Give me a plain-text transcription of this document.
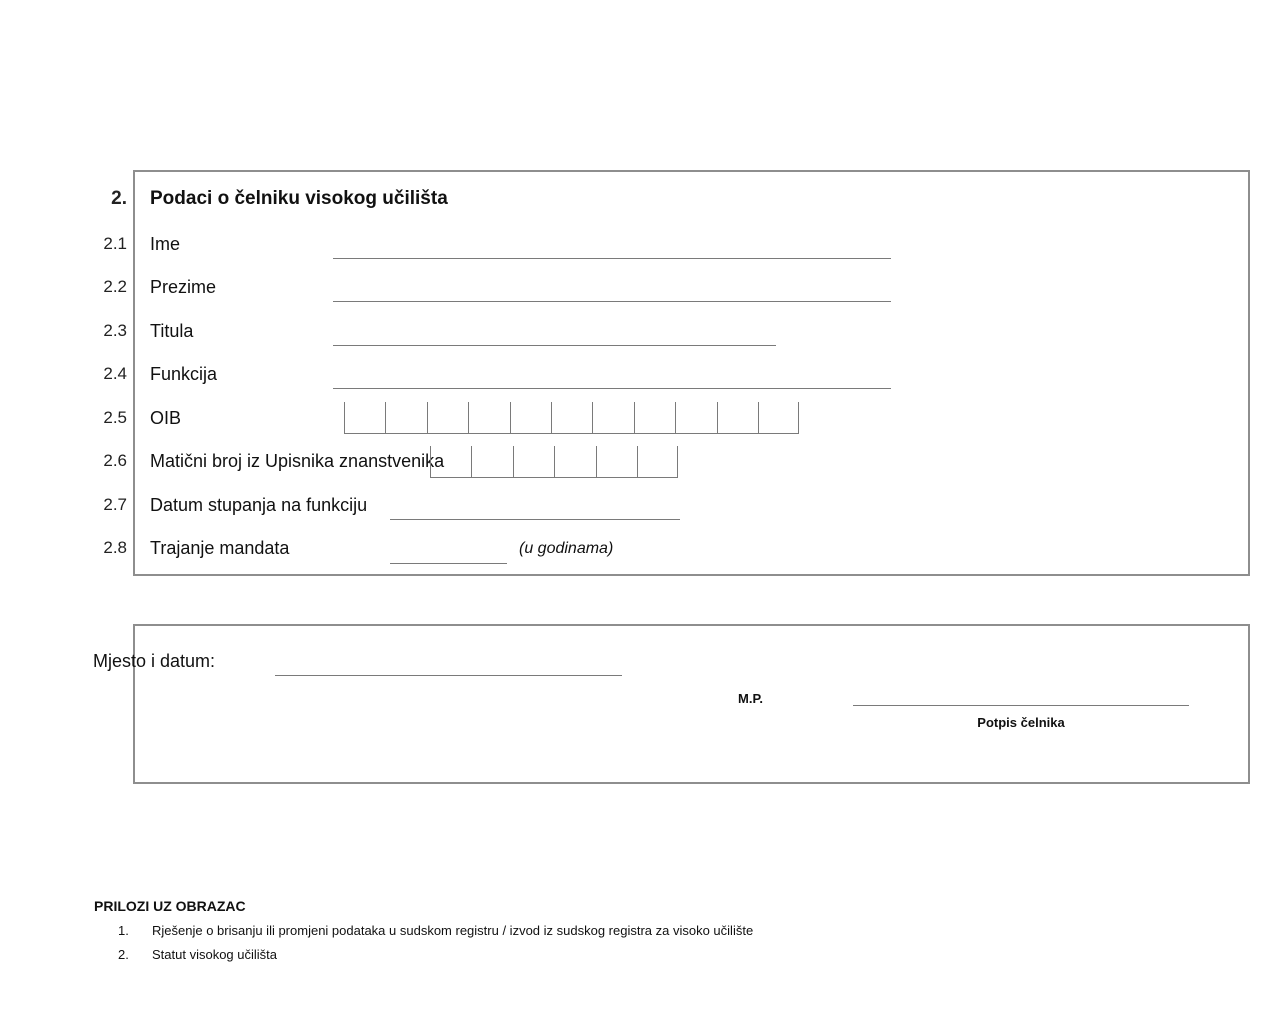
2. Podaci o čelniku visokog učilišta
2.1 Ime
2.2 Prezime
2.3 Titula
2.4 Funkcija
2.5 OIB
2.6 Matični broj iz Upisnika znanstvenika
2.7 Datum stupanja na funkciju
2.8 Trajanje mandata	(u godinama)
Mjesto i datum:
M.P.
Potpis čelnika
PRILOZI UZ OBRAZAC
1. Rješenje o brisanju ili promjeni podataka u sudskom registru / izvod iz sudskog registra za visoko učilište
2. Statut visokog učilišta
